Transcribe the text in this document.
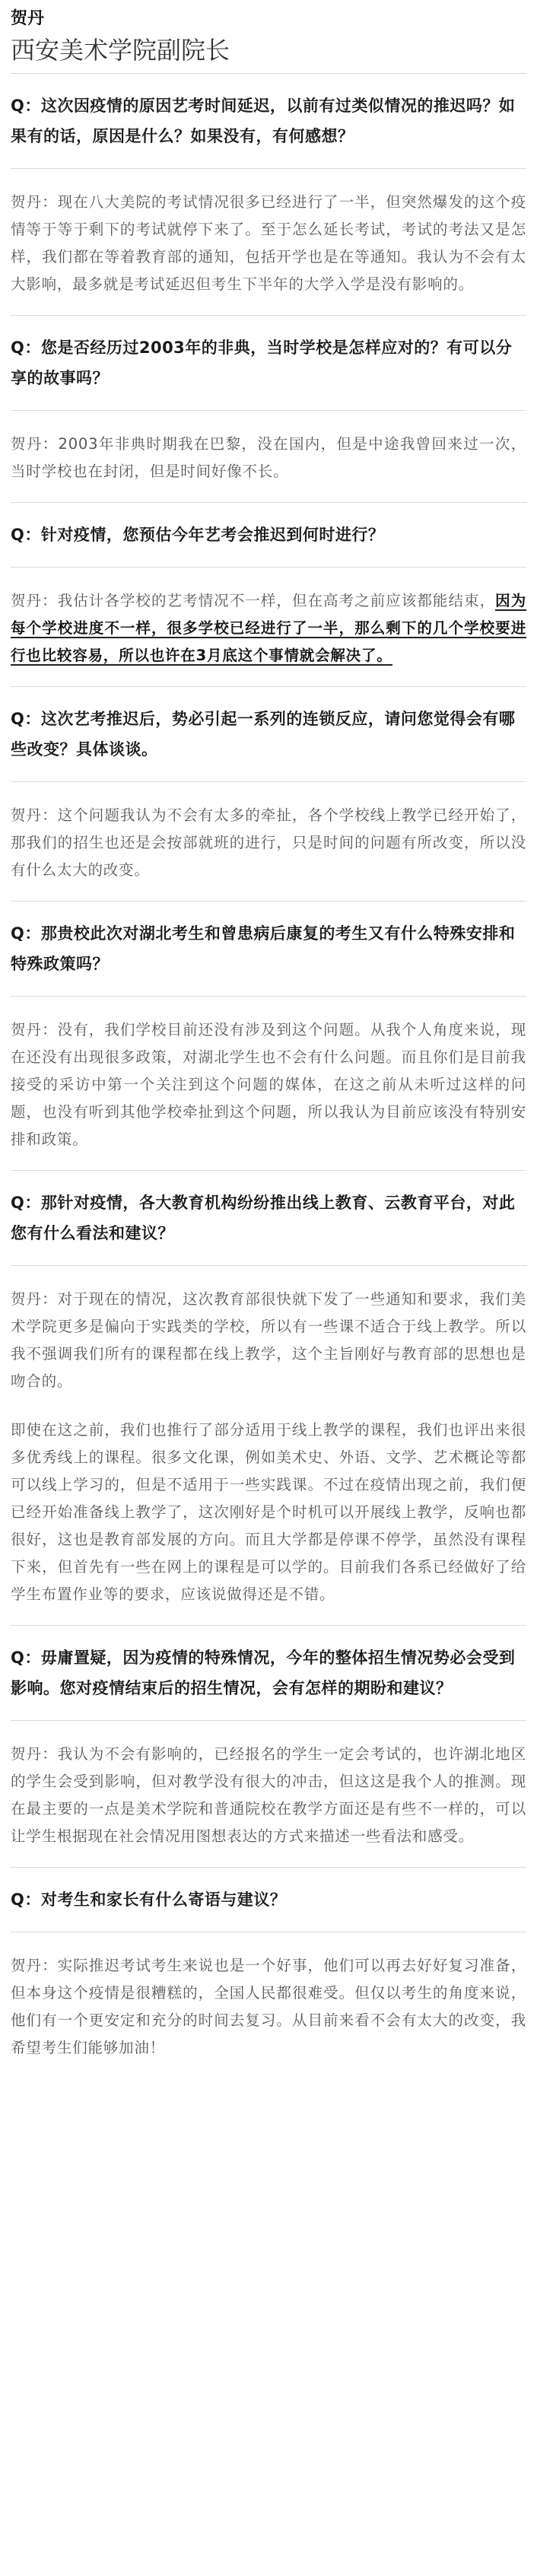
贺丹

西安美术学院副院长

Q：这次因疫情的原因艺考时间延迟，以前有过类似情况的推迟吗？如果有的话，原因是什么？如果没有，有何感想？

贺丹：现在八大美院的考试情况很多已经进行了一半，但突然爆发的这个疫情等于等于剩下的考试就停下来了。至于怎么延长考试，考试的考法又是怎样，我们都在等着教育部的通知，包括开学也是在等通知。我认为不会有太大影响，最多就是考试延迟但考生下半年的大学入学是没有影响的。

Q：您是否经历过2003年的非典，当时学校是怎样应对的？有可以分享的故事吗？

贺丹：2003年非典时期我在巴黎，没在国内，但是中途我曾回来过一次，当时学校也在封闭，但是时间好像不长。

Q：针对疫情，您预估今年艺考会推迟到何时进行？

贺丹：我估计各学校的艺考情况不一样，但在高考之前应该都能结束，因为每个学校进度不一样，很多学校已经进行了一半，那么剩下的几个学校要进行也比较容易，所以也许在3月底这个事情就会解决了。

Q：这次艺考推迟后，势必引起一系列的连锁反应，请问您觉得会有哪些改变？具体谈谈。

贺丹：这个问题我认为不会有太多的牵扯，各个学校线上教学已经开始了，那我们的招生也还是会按部就班的进行，只是时间的问题有所改变，所以没有什么太大的改变。

Q：那贵校此次对湖北考生和曾患病后康复的考生又有什么特殊安排和特殊政策吗？

贺丹：没有，我们学校目前还没有涉及到这个问题。从我个人角度来说，现在还没有出现很多政策，对湖北学生也不会有什么问题。而且你们是目前我接受的采访中第一个关注到这个问题的媒体，在这之前从未听过这样的问题，也没有听到其他学校牵扯到这个问题，所以我认为目前应该没有特别安排和政策。

Q：那针对疫情，各大教育机构纷纷推出线上教育、云教育平台，对此您有什么看法和建议？

贺丹：对于现在的情况，这次教育部很快就下发了一些通知和要求，我们美术学院更多是偏向于实践类的学校，所以有一些课不适合于线上教学。所以我不强调我们所有的课程都在线上教学，这个主旨刚好与教育部的思想也是吻合的。

即使在这之前，我们也推行了部分适用于线上教学的课程，我们也评出来很多优秀线上的课程。很多文化课，例如美术史、外语、文学、艺术概论等都可以线上学习的，但是不适用于一些实践课。不过在疫情出现之前，我们便已经开始准备线上教学了，这次刚好是个时机可以开展线上教学，反响也都很好，这也是教育部发展的方向。而且大学都是停课不停学，虽然没有课程下来，但首先有一些在网上的课程是可以学的。目前我们各系已经做好了给学生布置作业等的要求，应该说做得还是不错。

Q：毋庸置疑，因为疫情的特殊情况，今年的整体招生情况势必会受到影响。您对疫情结束后的招生情况，会有怎样的期盼和建议？

贺丹：我认为不会有影响的，已经报名的学生一定会考试的，也许湖北地区的学生会受到影响，但对教学没有很大的冲击，但这这是我个人的推测。现在最主要的一点是美术学院和普通院校在教学方面还是有些不一样的，可以让学生根据现在社会情况用图想表达的方式来描述一些看法和感受。

Q：对考生和家长有什么寄语与建议？

贺丹：实际推迟考试考生来说也是一个好事，他们可以再去好好复习准备，但本身这个疫情是很糟糕的，全国人民都很难受。但仅以考生的角度来说，他们有一个更安定和充分的时间去复习。从目前来看不会有太大的改变，我希望考生们能够加油！
